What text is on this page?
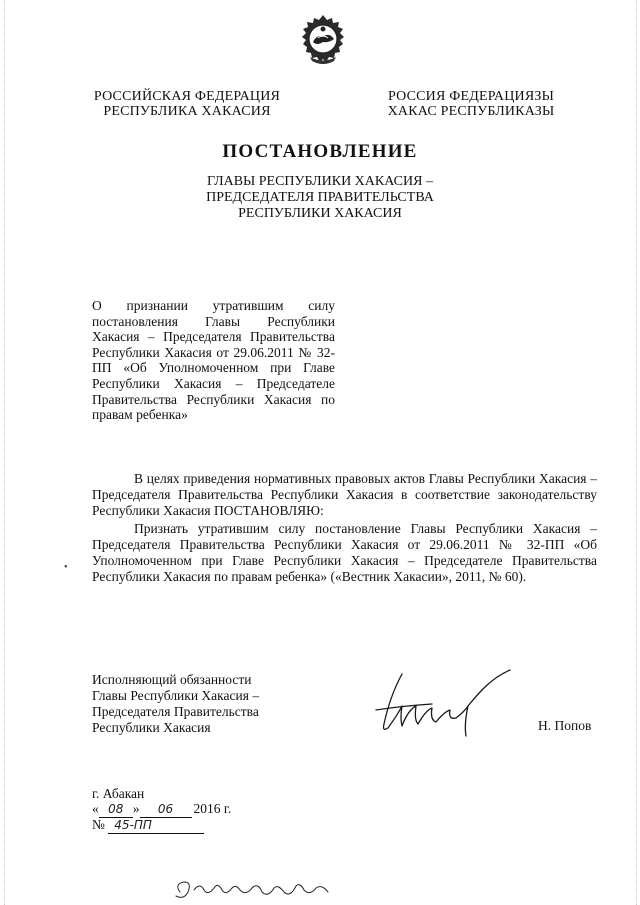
РОССИЙСКАЯ ФЕДЕРАЦИЯ
РЕСПУБЛИКА ХАКАСИЯ
РОССИЯ ФЕДЕРАЦИЯЗЫ
ХАКАС РЕСПУБЛИКАЗЫ
ПОСТАНОВЛЕНИЕ
ГЛАВЫ РЕСПУБЛИКИ ХАКАСИЯ –
ПРЕДСЕДАТЕЛЯ ПРАВИТЕЛЬСТВА
РЕСПУБЛИКИ ХАКАСИЯ
О признании утратившим силу постановления Главы Республики Хакасия – Председателя Правительства Республики Хакасия от 29.06.2011 № 32-ПП «Об Уполномоченном при Главе Республики Хакасия – Председателе Правительства Республики Хакасия по правам ребенка»

В целях приведения нормативных правовых актов Главы Республики Хакасия – Председателя Правительства Республики Хакасия в соответствие законодательству Республики Хакасия ПОСТАНОВЛЯЮ:

Признать утратившим силу постановление Главы Республики Хакасия – Председателя Правительства Республики Хакасия от 29.06.2011 № 32-ПП «Об Уполномоченном при Главе Республики Хакасия – Председателе Правительства Республики Хакасия по правам ребенка» («Вестник Хакасии», 2011, № 60).

•
Исполняющий обязанности
Главы Республики Хакасия –
Председателя Правительства
Республики Хакасия	Н. Попов
г. Абакан
« 08 » 06 2016 г.
№ 45-ПП
